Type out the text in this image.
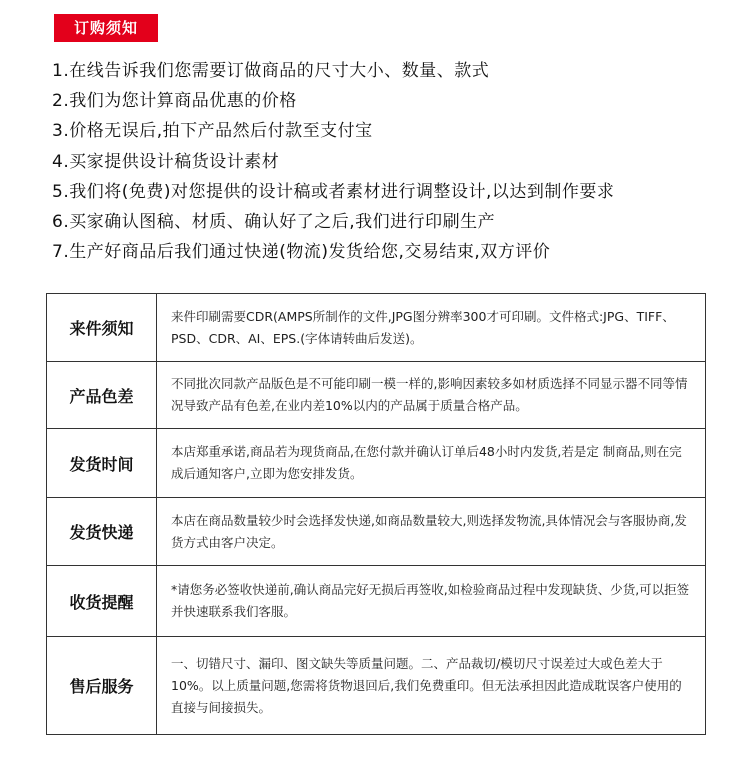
订购须知
1.在线告诉我们您需要订做商品的尺寸大小、数量、款式
2.我们为您计算商品优惠的价格
3.价格无误后,拍下产品然后付款至支付宝
4.买家提供设计稿货设计素材
5.我们将(免费)对您提供的设计稿或者素材进行调整设计,以达到制作要求
6.买家确认图稿、材质、确认好了之后,我们进行印刷生产
7.生产好商品后我们通过快递(物流)发货给您,交易结束,双方评价
来件须知	来件印刷需要CDR(AMPS所制作的文件,JPG图分辨率300才可印刷。文件格式:JPG、TIFF、PSD、CDR、AI、EPS.(字体请转曲后发送)。
产品色差	不同批次同款产品版色是不可能印刷一模一样的,影响因素较多如材质选择不同显示器不同等情况导致产品有色差,在业内差10%以内的产品属于质量合格产品。
发货时间	本店郑重承诺,商品若为现货商品,在您付款并确认订单后48小时内发货,若是定 制商品,则在完成后通知客户,立即为您安排发货。
发货快递	本店在商品数量较少时会选择发快递,如商品数量较大,则选择发物流,具体情况会与客服协商,发货方式由客户决定。
收货提醒	*请您务必签收快递前,确认商品完好无损后再签收,如检验商品过程中发现缺货、少货,可以拒签并快速联系我们客服。
售后服务	一、切错尺寸、漏印、图文缺失等质量问题。二、产品裁切/模切尺寸误差过大或色差大于10%。以上质量问题,您需将货物退回后,我们免费重印。但无法承担因此造成耽误客户使用的直接与间接损失。
